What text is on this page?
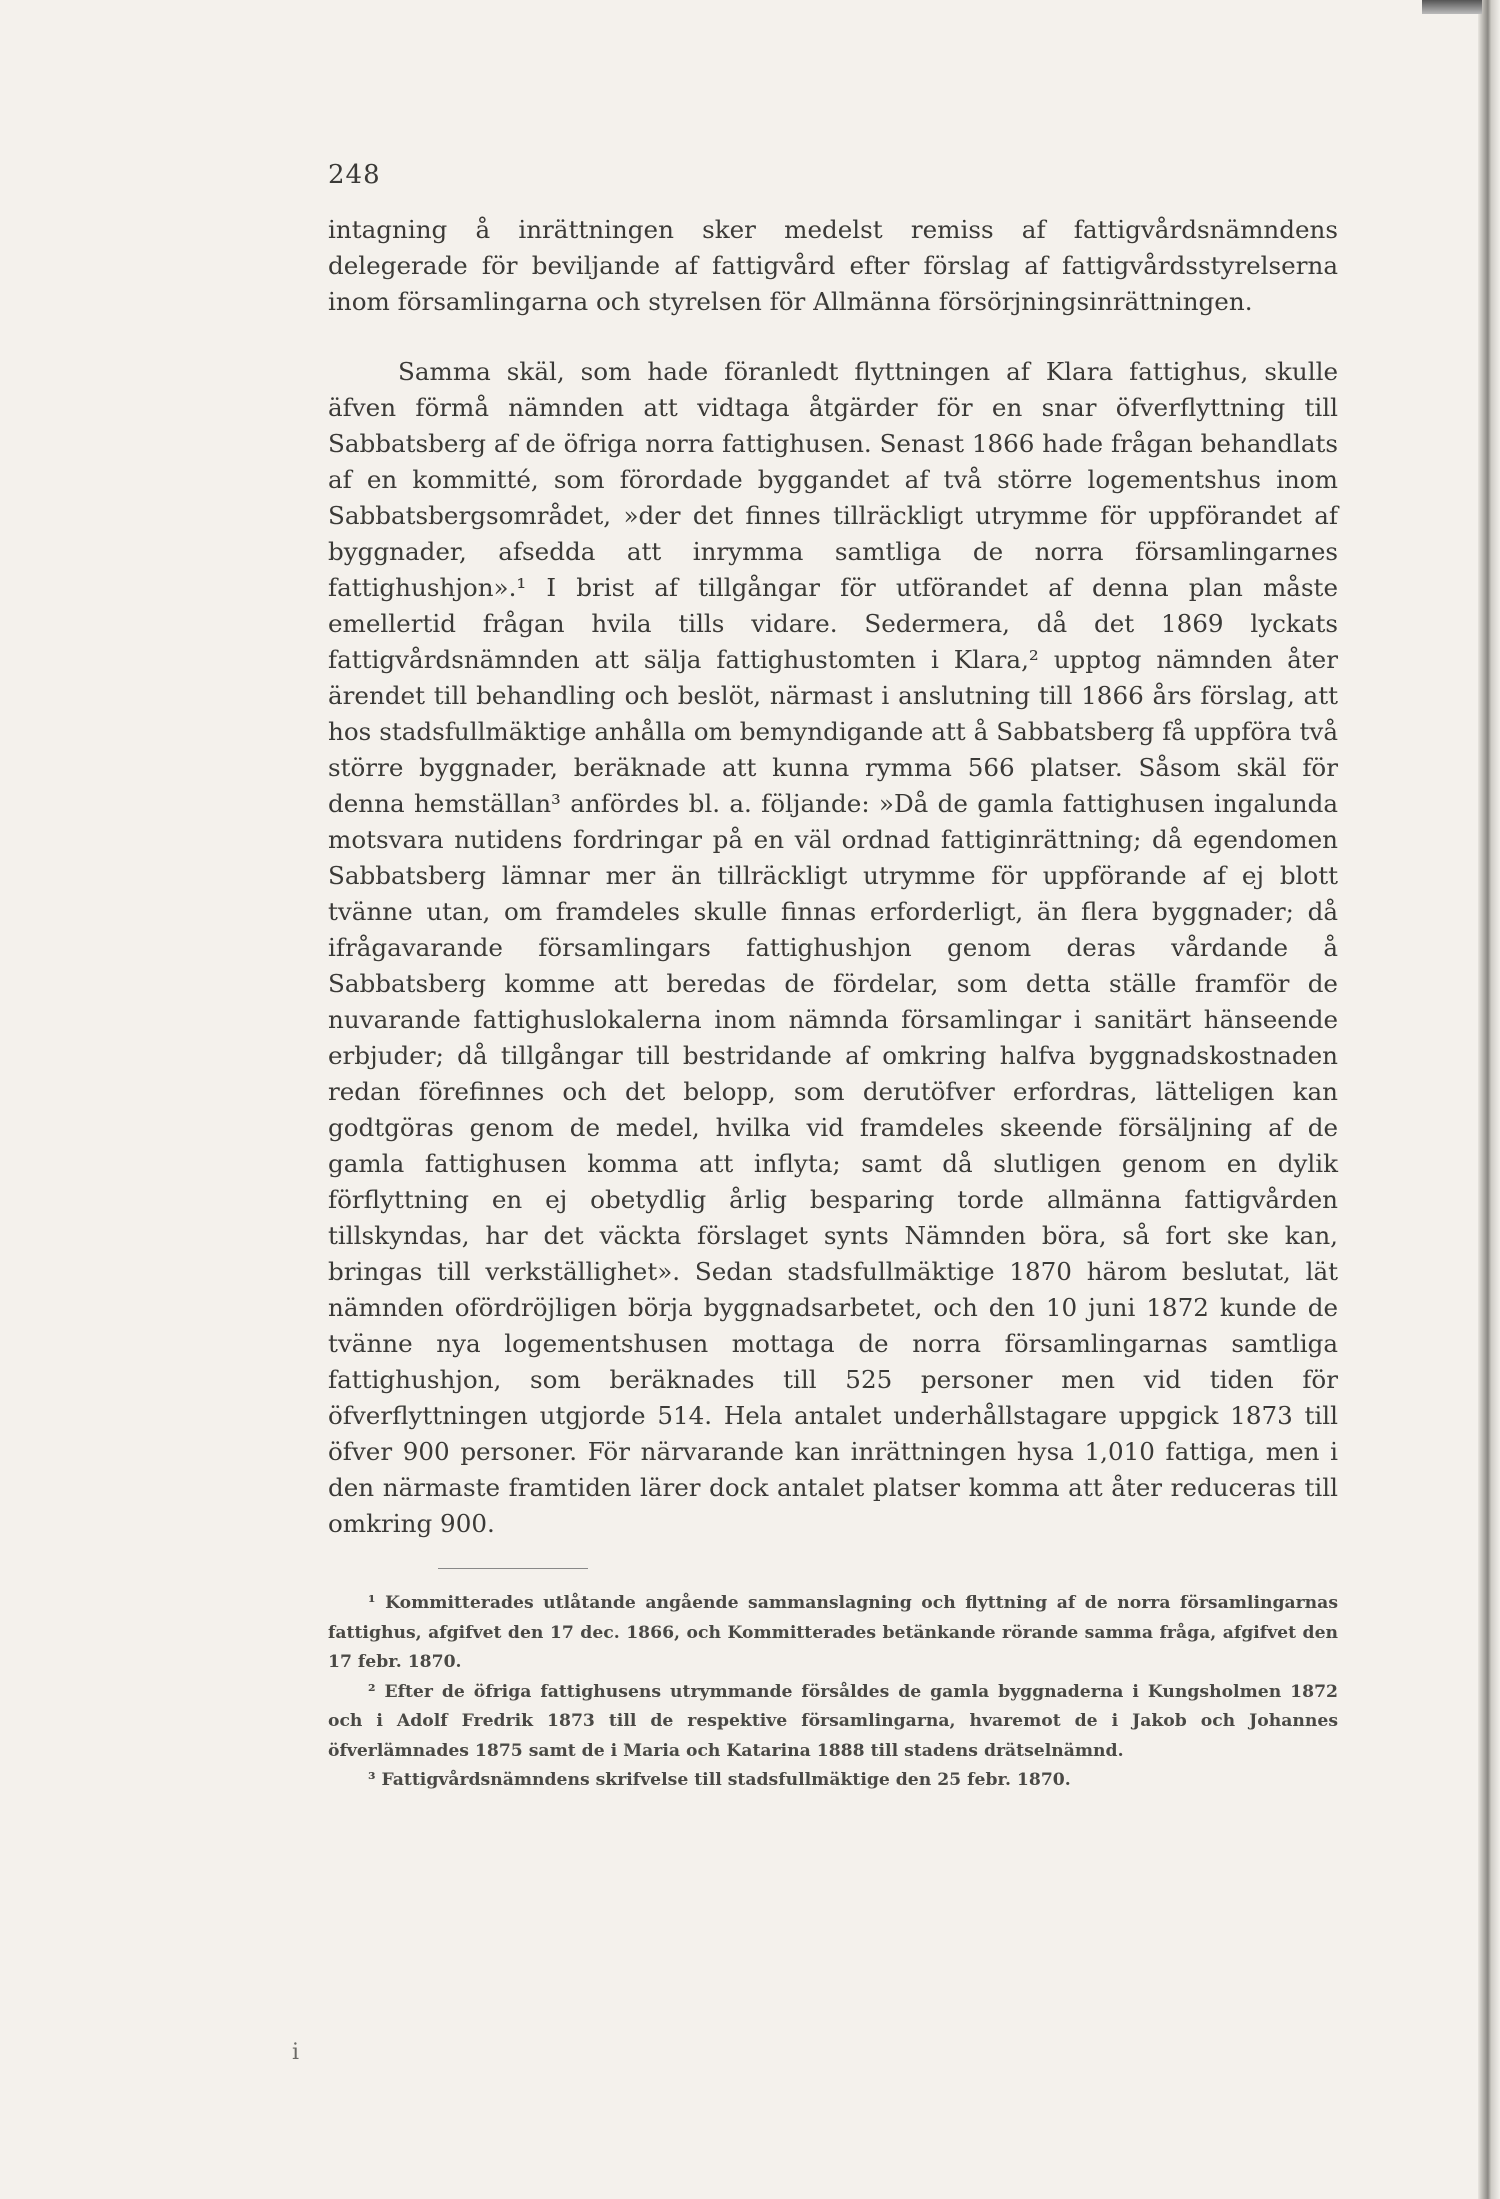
248

intagning å inrättningen sker medelst remiss af fattigvårdsnämndens delegerade för beviljande af fattigvård efter förslag af fattigvårdsstyrelserna inom församlingarna och styrelsen för Allmänna försörjningsinrättningen.

Samma skäl, som hade föranledt flyttningen af Klara fattighus, skulle äfven förmå nämnden att vidtaga åtgärder för en snar öfverflyttning till Sabbatsberg af de öfriga norra fattighusen. Senast 1866 hade frågan behandlats af en kommitté, som förordade byggandet af två större logementshus inom Sabbatsbergsområdet, »der det finnes tillräckligt utrymme för uppförandet af byggnader, afsedda att inrymma samtliga de norra församlingarnes fattighushjon».¹ I brist af tillgångar för utförandet af denna plan måste emellertid frågan hvila tills vidare. Sedermera, då det 1869 lyckats fattigvårdsnämnden att sälja fattighustomten i Klara,² upptog nämnden åter ärendet till behandling och beslöt, närmast i anslutning till 1866 års förslag, att hos stadsfullmäktige anhålla om bemyndigande att å Sabbatsberg få uppföra två större byggnader, beräknade att kunna rymma 566 platser. Såsom skäl för denna hemställan³ anfördes bl. a. följande: »Då de gamla fattighusen ingalunda motsvara nutidens fordringar på en väl ordnad fattiginrättning; då egendomen Sabbatsberg lämnar mer än tillräckligt utrymme för uppförande af ej blott tvänne utan, om framdeles skulle finnas erforderligt, än flera byggnader; då ifrågavarande församlingars fattighushjon genom deras vårdande å Sabbatsberg komme att beredas de fördelar, som detta ställe framför de nuvarande fattighuslokalerna inom nämnda församlingar i sanitärt hänseende erbjuder; då tillgångar till bestridande af omkring halfva byggnadskostnaden redan förefinnes och det belopp, som derutöfver erfordras, lätteligen kan godtgöras genom de medel, hvilka vid framdeles skeende försäljning af de gamla fattighusen komma att inflyta; samt då slutligen genom en dylik förflyttning en ej obetydlig årlig besparing torde allmänna fattigvården tillskyndas, har det väckta förslaget synts Nämnden böra, så fort ske kan, bringas till verkställighet». Sedan stadsfullmäktige 1870 härom beslutat, lät nämnden ofördröjligen börja byggnadsarbetet, och den 10 juni 1872 kunde de tvänne nya logementshusen mottaga de norra församlingarnas samtliga fattighushjon, som beräknades till 525 personer men vid tiden för öfverflyttningen utgjorde 514. Hela antalet underhållstagare uppgick 1873 till öfver 900 personer. För närvarande kan inrättningen hysa 1,010 fattiga, men i den närmaste framtiden lärer dock antalet platser komma att åter reduceras till omkring 900.

¹ Kommitterades utlåtande angående sammanslagning och flyttning af de norra församlingarnas fattighus, afgifvet den 17 dec. 1866, och Kommitterades betänkande rörande samma fråga, afgifvet den 17 febr. 1870.

² Efter de öfriga fattighusens utrymmande försåldes de gamla byggnaderna i Kungsholmen 1872 och i Adolf Fredrik 1873 till de respektive församlingarna, hvaremot de i Jakob och Johannes öfverlämnades 1875 samt de i Maria och Katarina 1888 till stadens drätselnämnd.

³ Fattigvårdsnämndens skrifvelse till stadsfullmäktige den 25 febr. 1870.

i
